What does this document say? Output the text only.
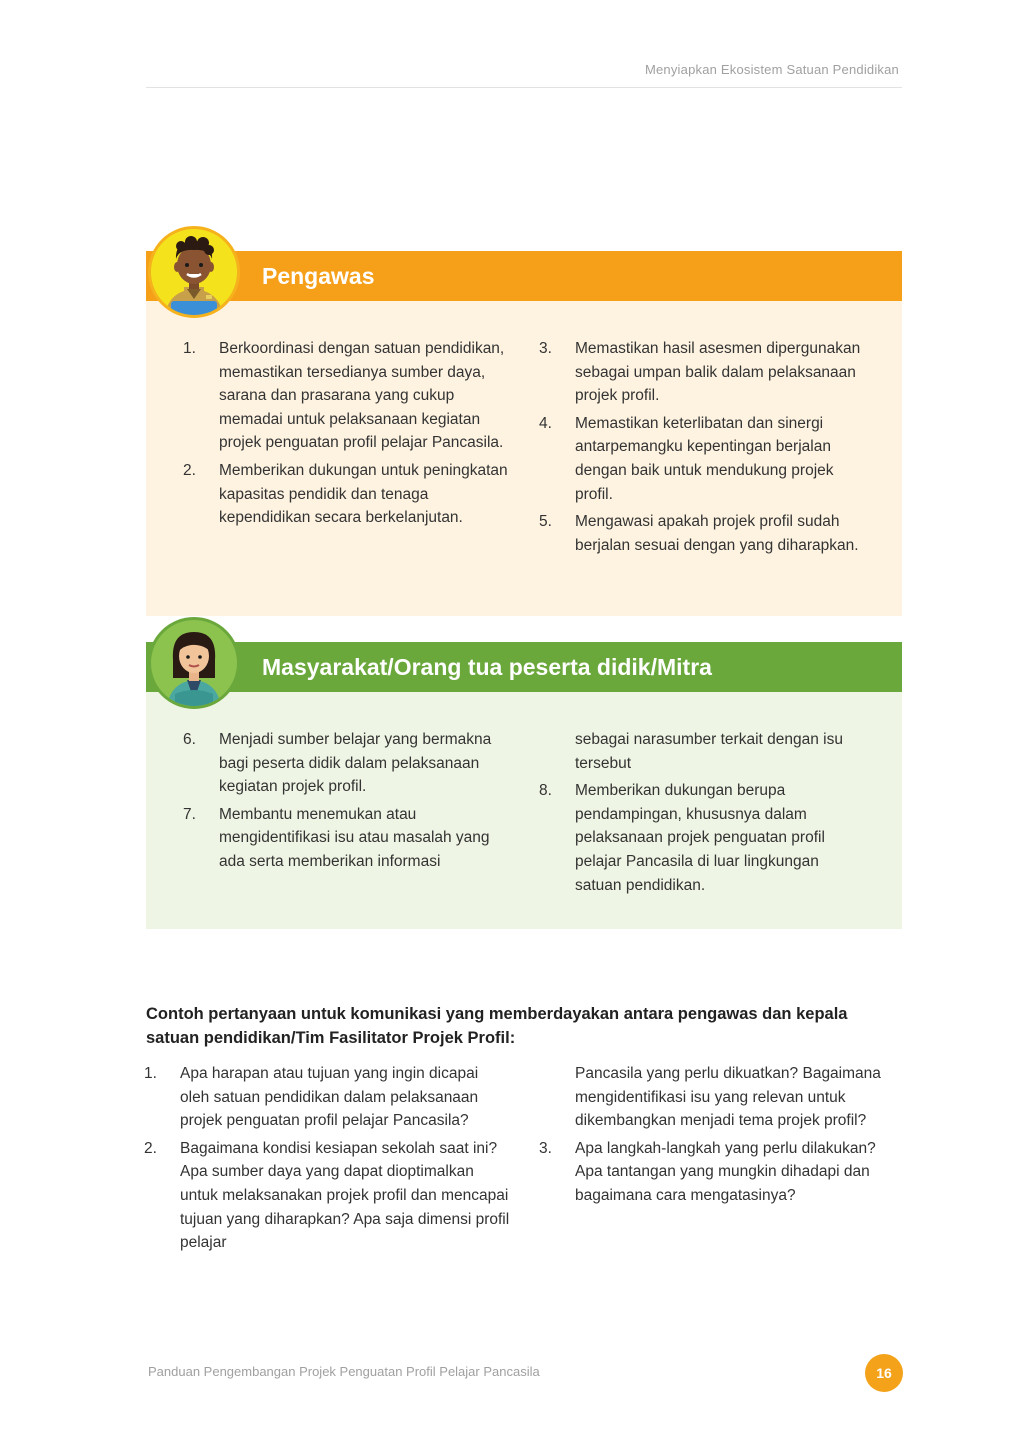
Menyiapkan Ekosistem Satuan Pendidikan
1.	Berkoordinasi dengan satuan pendidikan, memastikan tersedianya sumber daya, sarana dan prasarana yang cukup memadai untuk pelaksanaan kegiatan projek penguatan profil pelajar Pancasila.
2.	Memberikan dukungan untuk peningkatan kapasitas pendidik dan tenaga kependidikan secara berkelanjutan.
3.	Memastikan hasil asesmen dipergunakan sebagai umpan balik dalam pelaksanaan projek profil.
4.	Memastikan keterlibatan dan sinergi antarpemangku kepentingan berjalan dengan baik untuk mendukung projek profil.
5.	Mengawasi apakah projek profil sudah berjalan sesuai dengan yang diharapkan.
Pengawas
6.	Menjadi sumber belajar yang bermakna bagi peserta didik dalam pelaksanaan kegiatan projek profil.
7.	Membantu menemukan atau mengidentifikasi isu atau masalah yang ada serta memberikan informasi
sebagai narasumber terkait dengan isu tersebut
8.	Memberikan dukungan berupa pendampingan, khususnya dalam pelaksanaan projek penguatan profil pelajar Pancasila di luar lingkungan satuan pendidikan.
Masyarakat/Orang tua peserta didik/Mitra
Contoh pertanyaan untuk komunikasi yang memberdayakan antara pengawas dan kepala satuan pendidikan/Tim Fasilitator Projek Profil:
1.	Apa harapan atau tujuan yang ingin dicapai oleh satuan pendidikan dalam pelaksanaan projek penguatan profil pelajar Pancasila?
2.	Bagaimana kondisi kesiapan sekolah saat ini? Apa sumber daya yang dapat dioptimalkan untuk melaksanakan projek profil dan mencapai tujuan yang diharapkan? Apa saja dimensi profil pelajar
Pancasila yang perlu dikuatkan? Bagaimana mengidentifikasi isu yang relevan untuk dikembangkan menjadi tema projek profil?
3.	Apa langkah-langkah yang perlu dilakukan? Apa tantangan yang mungkin dihadapi dan bagaimana cara mengatasinya?
Panduan Pengembangan Projek Penguatan Profil Pelajar Pancasila	16
